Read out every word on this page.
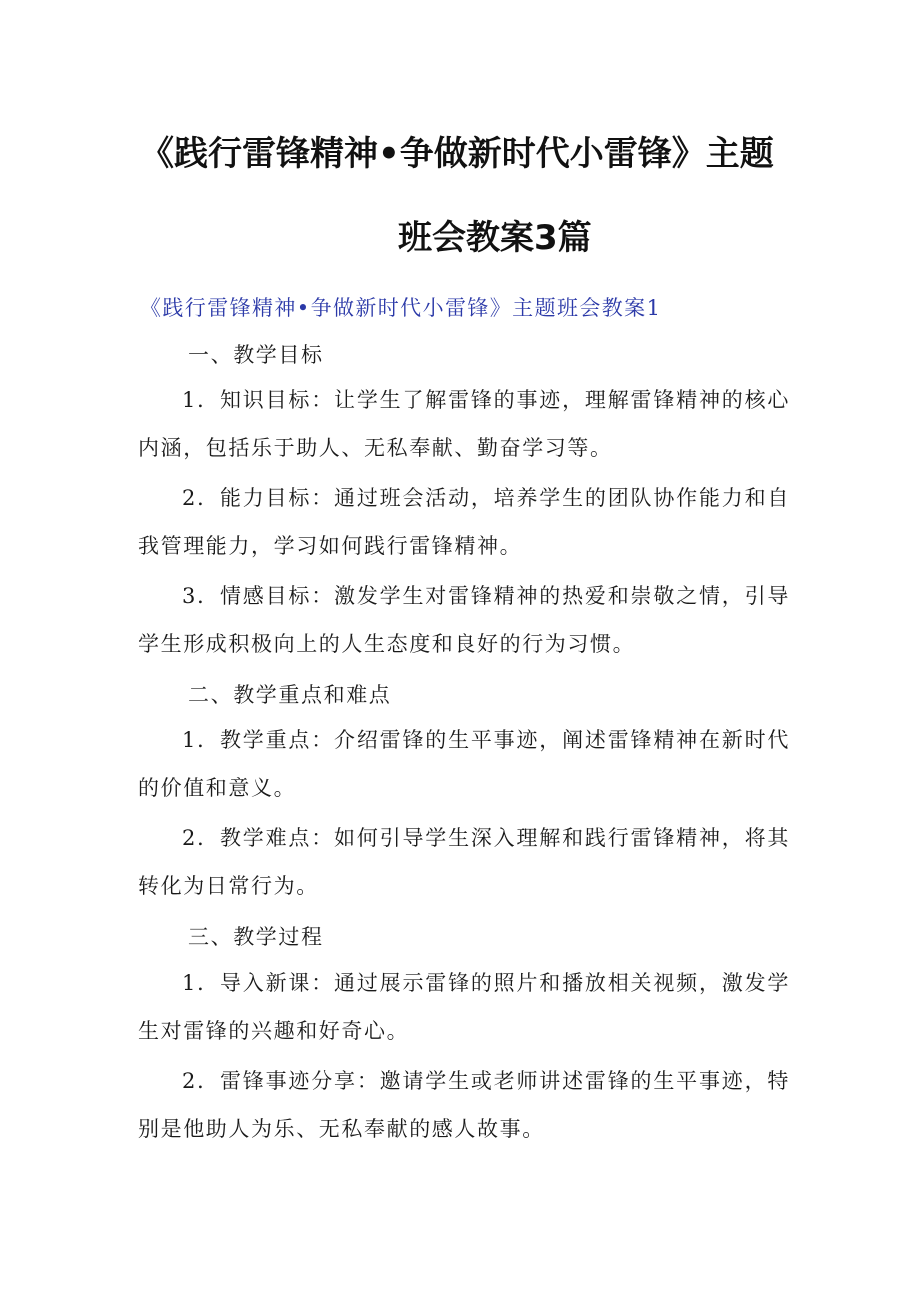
《践行雷锋精神•争做新时代小雷锋》主题
班会教案3篇
《践行雷锋精神•争做新时代小雷锋》主题班会教案1
一、教学目标
1．知识目标：让学生了解雷锋的事迹，理解雷锋精神的核心内涵，包括乐于助人、无私奉献、勤奋学习等。
2．能力目标：通过班会活动，培养学生的团队协作能力和自我管理能力，学习如何践行雷锋精神。
3．情感目标：激发学生对雷锋精神的热爱和崇敬之情，引导学生形成积极向上的人生态度和良好的行为习惯。
二、教学重点和难点
1．教学重点：介绍雷锋的生平事迹，阐述雷锋精神在新时代的价值和意义。
2．教学难点：如何引导学生深入理解和践行雷锋精神，将其转化为日常行为。
三、教学过程
1．导入新课：通过展示雷锋的照片和播放相关视频，激发学生对雷锋的兴趣和好奇心。
2．雷锋事迹分享：邀请学生或老师讲述雷锋的生平事迹，特别是他助人为乐、无私奉献的感人故事。
